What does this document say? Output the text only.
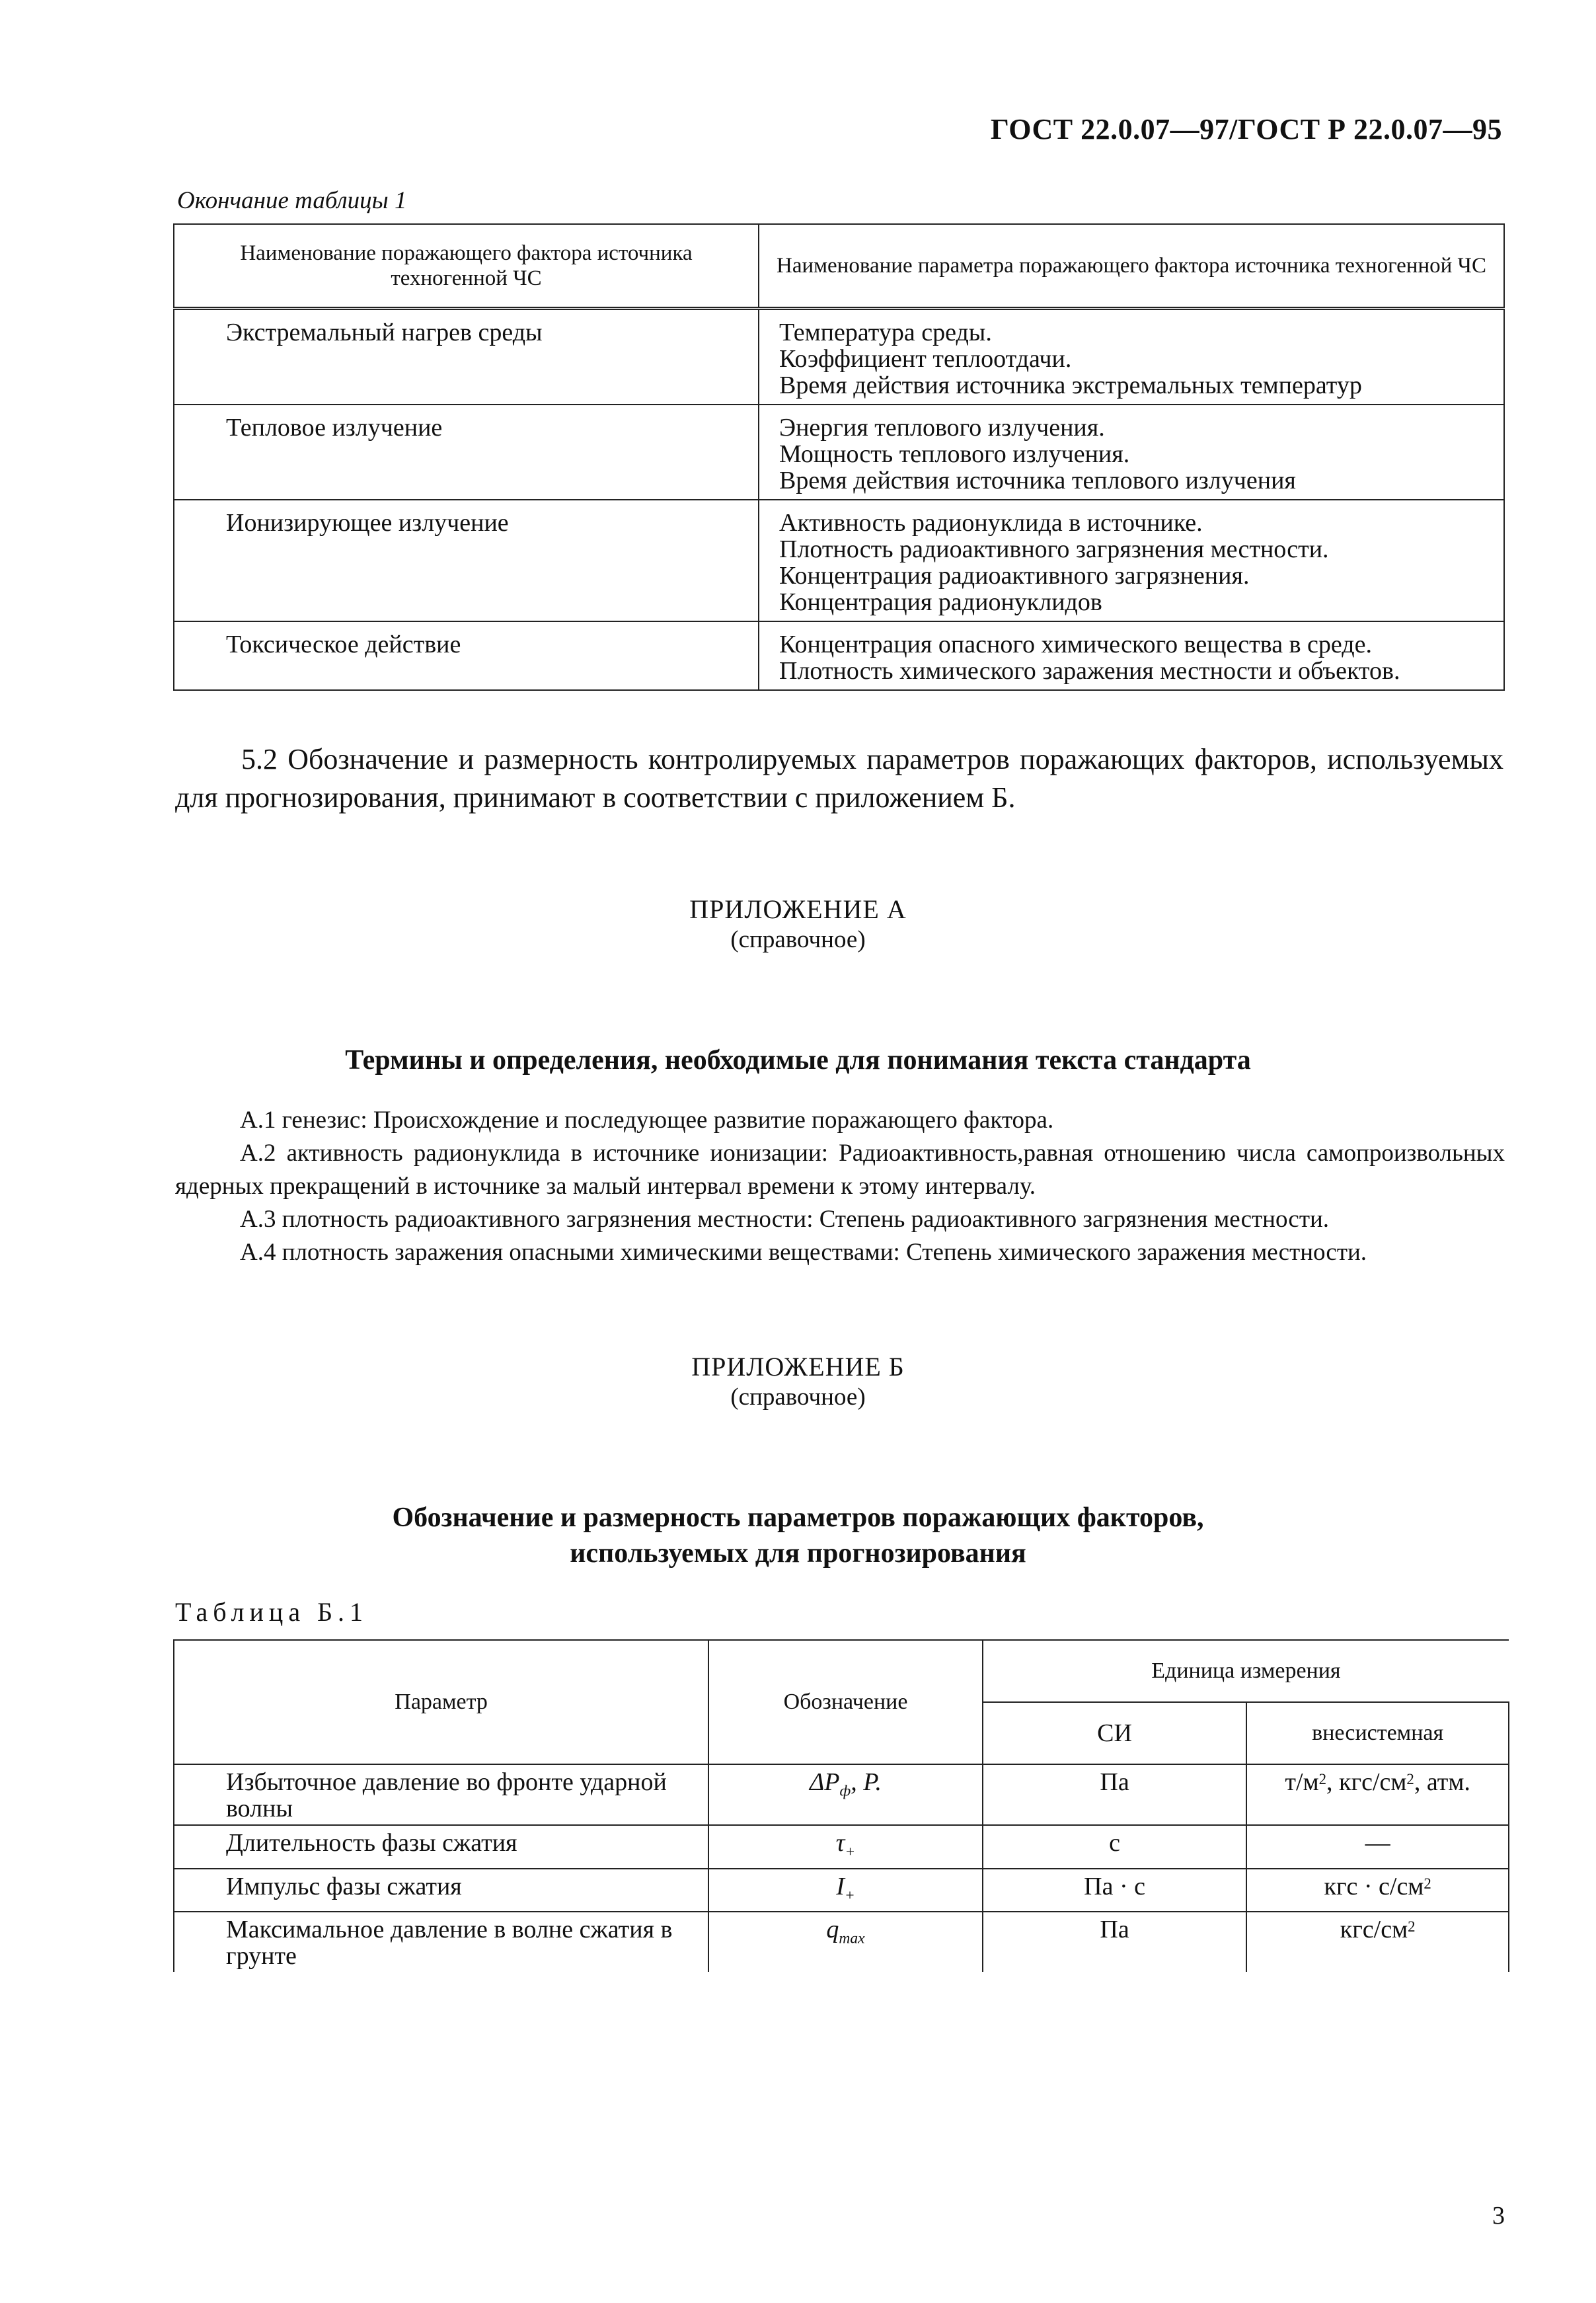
ГОСТ 22.0.07—97/ГОСТ Р 22.0.07—95
Окончание таблицы 1
Наименование поражающего фактора источника техногенной ЧС	Наименование параметра поражающего фактора источника техногенной ЧС
Экстремальный нагрев среды	Температура среды.
Коэффициент теплоотдачи.
Время действия источника экстремальных температур

Тепловое излучение	Энергия теплового излучения.
Мощность теплового излучения.
Время действия источника теплового излучения

Ионизирующее излучение	Активность радионуклида в источнике.
Плотность радиоактивного загрязнения местности.
Концентрация радиоактивного загрязнения.
Концентрация радионуклидов

Токсическое действие	Концентрация опасного химического вещества в среде.
Плотность химического заражения местности и объектов.
5.2 Обозначение и размерность контролируемых параметров поражающих факторов, используемых для прогнозирования, принимают в соответствии с приложением Б.
ПРИЛОЖЕНИЕ А
(справочное)
Термины и определения, необходимые для понимания текста стандарта

А.1 генезис: Происхождение и последующее развитие поражающего фактора.

А.2 активность радионуклида в источнике ионизации: Радиоактивность,равная отношению числа самопроизвольных ядерных прекращений в источнике за малый интервал времени к этому интервалу.

А.3 плотность радиоактивного загрязнения местности: Степень радиоактивного загрязнения местности.

А.4 плотность заражения опасными химическими веществами: Степень химического заражения местности.

ПРИЛОЖЕНИЕ Б
(справочное)
Обозначение и размерность параметров поражающих факторов,
используемых для прогнозирования
Таблица Б.1
Параметр	Обозначение	Единица измерения	
		СИ	внесистемная
Избыточное давление во фронте ударной волны	$\Delta P_ф$, P.	Па	$т/м^2$, кгс/$см^2$, атм.
Длительность фазы сжатия	$\tau_+$	с	—
Импульс фазы сжатия	$I_+$	Па · с	кгс · $с/см^2$
Максимальное давление в волне сжатия в грунте	$q_{max}$	Па	кгс/$см^2$
3
